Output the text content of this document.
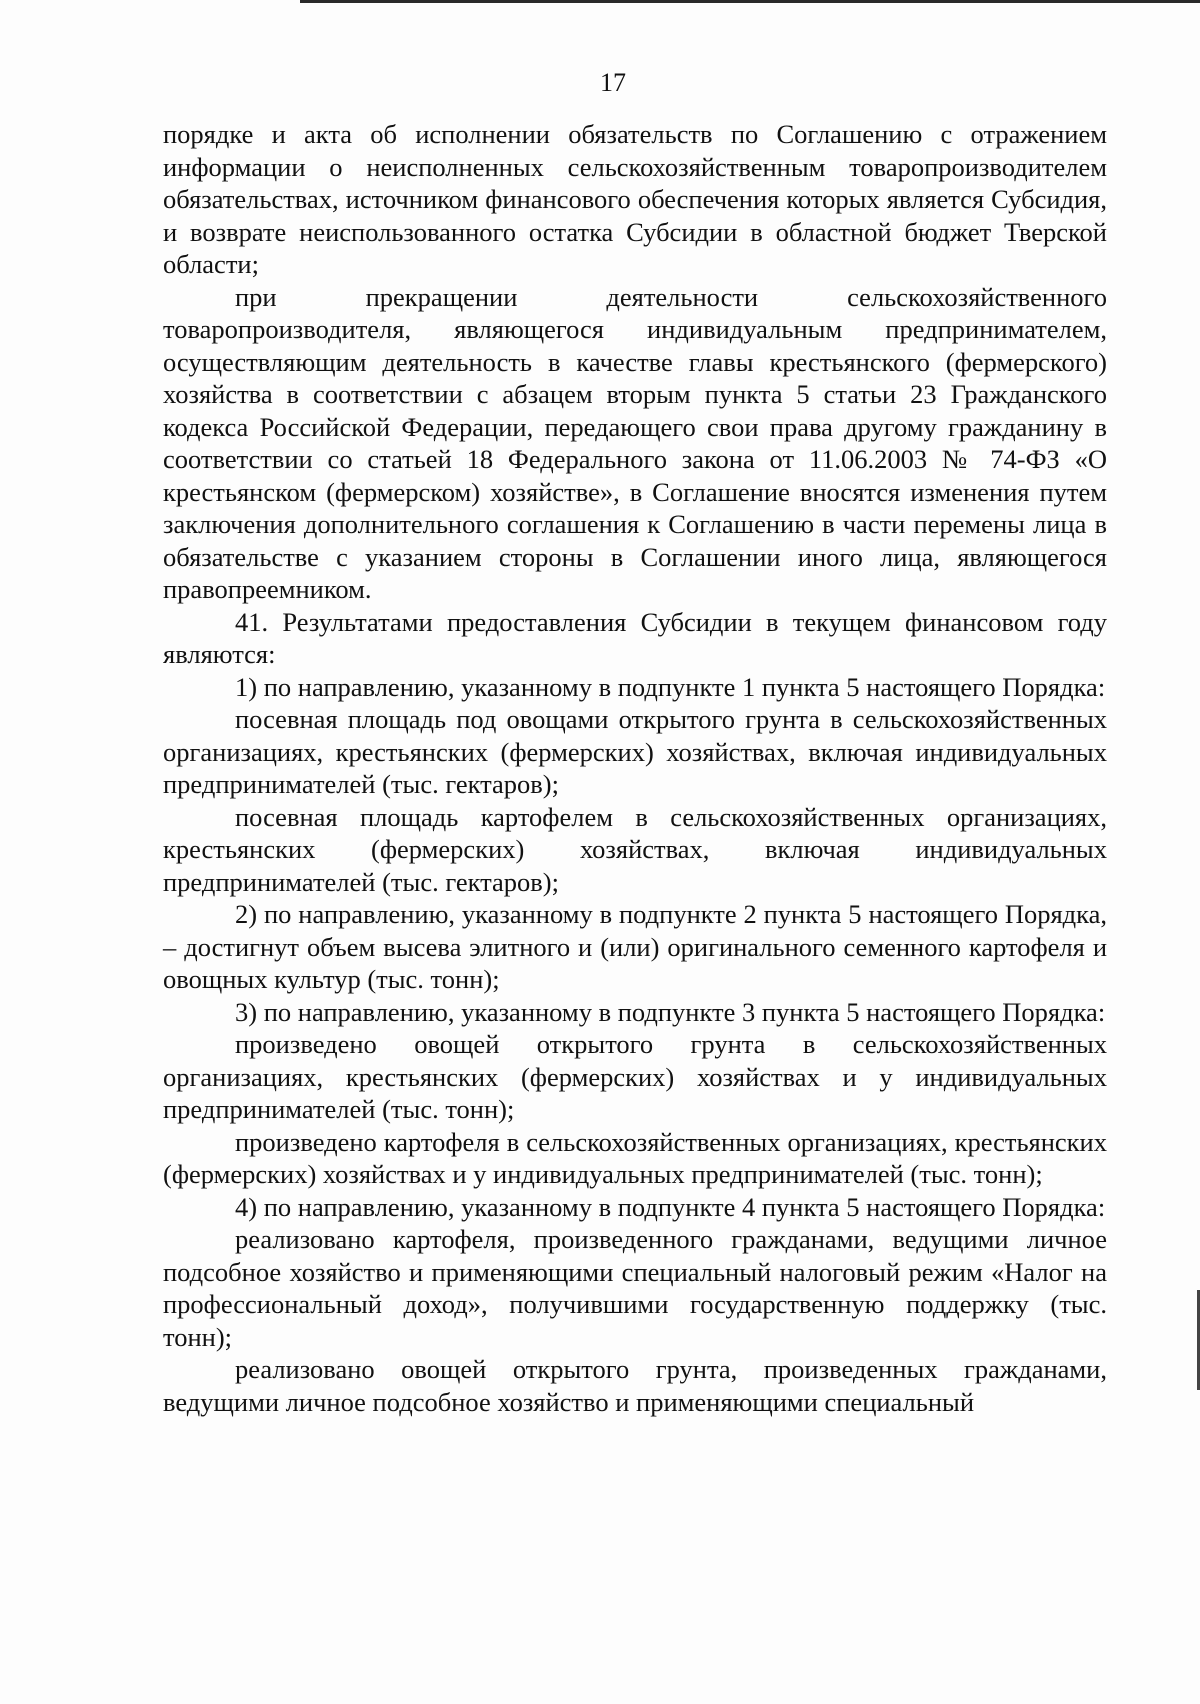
17

порядке и акта об исполнении обязательств по Соглашению с отражением информации о неисполненных сельскохозяйственным товаропроизводителем обязательствах, источником финансового обеспечения которых является Субсидия, и возврате неиспользованного остатка Субсидии в областной бюджет Тверской области;

при прекращении деятельности сельскохозяйственного товаропроизводителя, являющегося индивидуальным предпринимателем, осуществляющим деятельность в качестве главы крестьянского (фермерского) хозяйства в соответствии с абзацем вторым пункта 5 статьи 23 Гражданского кодекса Российской Федерации, передающего свои права другому гражданину в соответствии со статьей 18 Федерального закона от 11.06.2003 № 74-ФЗ «О крестьянском (фермерском) хозяйстве», в Соглашение вносятся изменения путем заключения дополнительного соглашения к Соглашению в части перемены лица в обязательстве с указанием стороны в Соглашении иного лица, являющегося правопреемником.

41. Результатами предоставления Субсидии в текущем финансовом году являются:

1) по направлению, указанному в подпункте 1 пункта 5 настоящего Порядка:

посевная площадь под овощами открытого грунта в сельскохозяйственных организациях, крестьянских (фермерских) хозяйствах, включая индивидуальных предпринимателей (тыс. гектаров);

посевная площадь картофелем в сельскохозяйственных организациях, крестьянских (фермерских) хозяйствах, включая индивидуальных предпринимателей (тыс. гектаров);

2) по направлению, указанному в подпункте 2 пункта 5 настоящего Порядка, – достигнут объем высева элитного и (или) оригинального семенного картофеля и овощных культур (тыс. тонн);

3) по направлению, указанному в подпункте 3 пункта 5 настоящего Порядка:

произведено овощей открытого грунта в сельскохозяйственных организациях, крестьянских (фермерских) хозяйствах и у индивидуальных предпринимателей (тыс. тонн);

произведено картофеля в сельскохозяйственных организациях, крестьянских (фермерских) хозяйствах и у индивидуальных предпринимателей (тыс. тонн);

4) по направлению, указанному в подпункте 4 пункта 5 настоящего Порядка:

реализовано картофеля, произведенного гражданами, ведущими личное подсобное хозяйство и применяющими специальный налоговый режим «Налог на профессиональный доход», получившими государственную поддержку (тыс. тонн);

реализовано овощей открытого грунта, произведенных гражданами, ведущими личное подсобное хозяйство и применяющими специальный
